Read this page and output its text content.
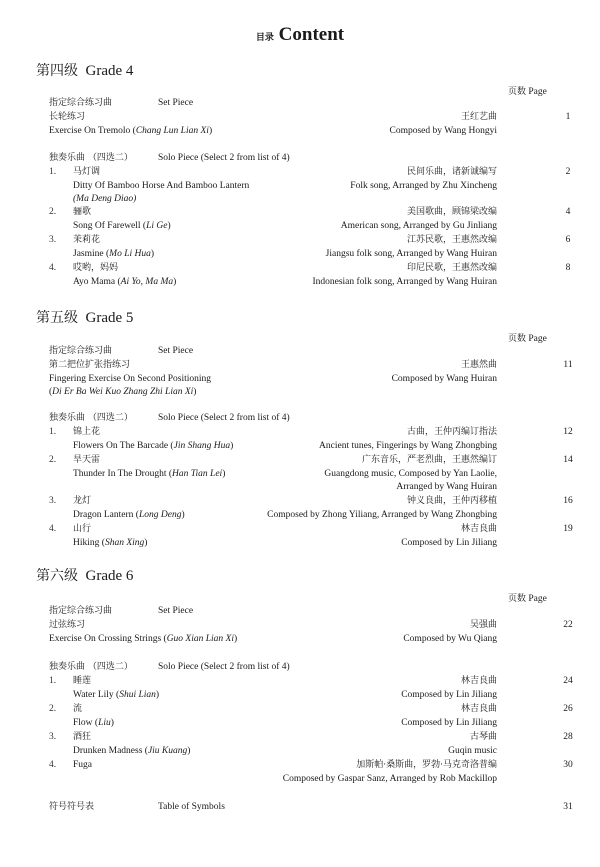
目录 Content
第四级 Grade 4
页数 Page
指定综合练习曲	Set Piece
长轮练习	王红艺曲	1
Exercise On Tremolo (Chang Lun Lian Xi)	Composed by Wang Hongyi
独奏乐曲 （四选二）	Solo Piece (Select 2 from list of 4)
1. 马灯调	民间乐曲，诸新诚编写	2
Ditty Of Bamboo Horse And Bamboo Lantern	Folk song, Arranged by Zhu Xincheng
(Ma Deng Diao)
2. 骊歌	美国歌曲，顾锦梁改编	4
Song Of Farewell (Li Ge)	American song, Arranged by Gu Jinliang
3. 茉莉花	江苏民歌，王惠然改编	6
Jasmine (Mo Li Hua)	Jiangsu folk song, Arranged by Wang Huiran
4. 哎哟，妈妈	印尼民歌，王惠然改编	8
Ayo Mama (Ai Yo, Ma Ma)	Indonesian folk song, Arranged by Wang Huiran
第五级 Grade 5
页数 Page
指定综合练习曲	Set Piece
第二把位扩张指练习	王惠然曲	11
Fingering Exercise On Second Positioning	Composed by Wang Huiran
(Di Er Ba Wei Kuo Zhang Zhi Lian Xi)
独奏乐曲 （四选二）	Solo Piece (Select 2 from list of 4)
1. 锦上花	古曲，王仲丙编订指法	12
Flowers On The Barcade (Jin Shang Hua)	Ancient tunes, Fingerings by Wang Zhongbing
2. 旱天雷	广东音乐，严老烈曲，王惠然编订	14
Thunder In The Drought (Han Tian Lei)	Guangdong music, Composed by Yan Laolie,
Arranged by Wang Huiran
3. 龙灯	钟义良曲，王仲丙移植	16
Dragon Lantern (Long Deng)	Composed by Zhong Yiliang, Arranged by Wang Zhongbing
4. 山行	林吉良曲	19
Hiking (Shan Xing)	Composed by Lin Jiliang
第六级 Grade 6
页数 Page
指定综合练习曲	Set Piece
过弦练习	吴强曲	22
Exercise On Crossing Strings (Guo Xian Lian Xi)	Composed by Wu Qiang
独奏乐曲 （四选二）	Solo Piece (Select 2 from list of 4)
1. 睡莲	林吉良曲	24
Water Lily (Shui Lian)	Composed by Lin Jiliang
2. 流	林吉良曲	26
Flow (Liu)	Composed by Lin Jiliang
3. 酒狂	古琴曲	28
Drunken Madness (Jiu Kuang)	Guqin music
4. Fuga	加斯帕·桑斯曲，罗勃·马克奇洛普编	30
Composed by Gaspar Sanz, Arranged by Rob Mackillop
符号符号表	Table of Symbols	31
